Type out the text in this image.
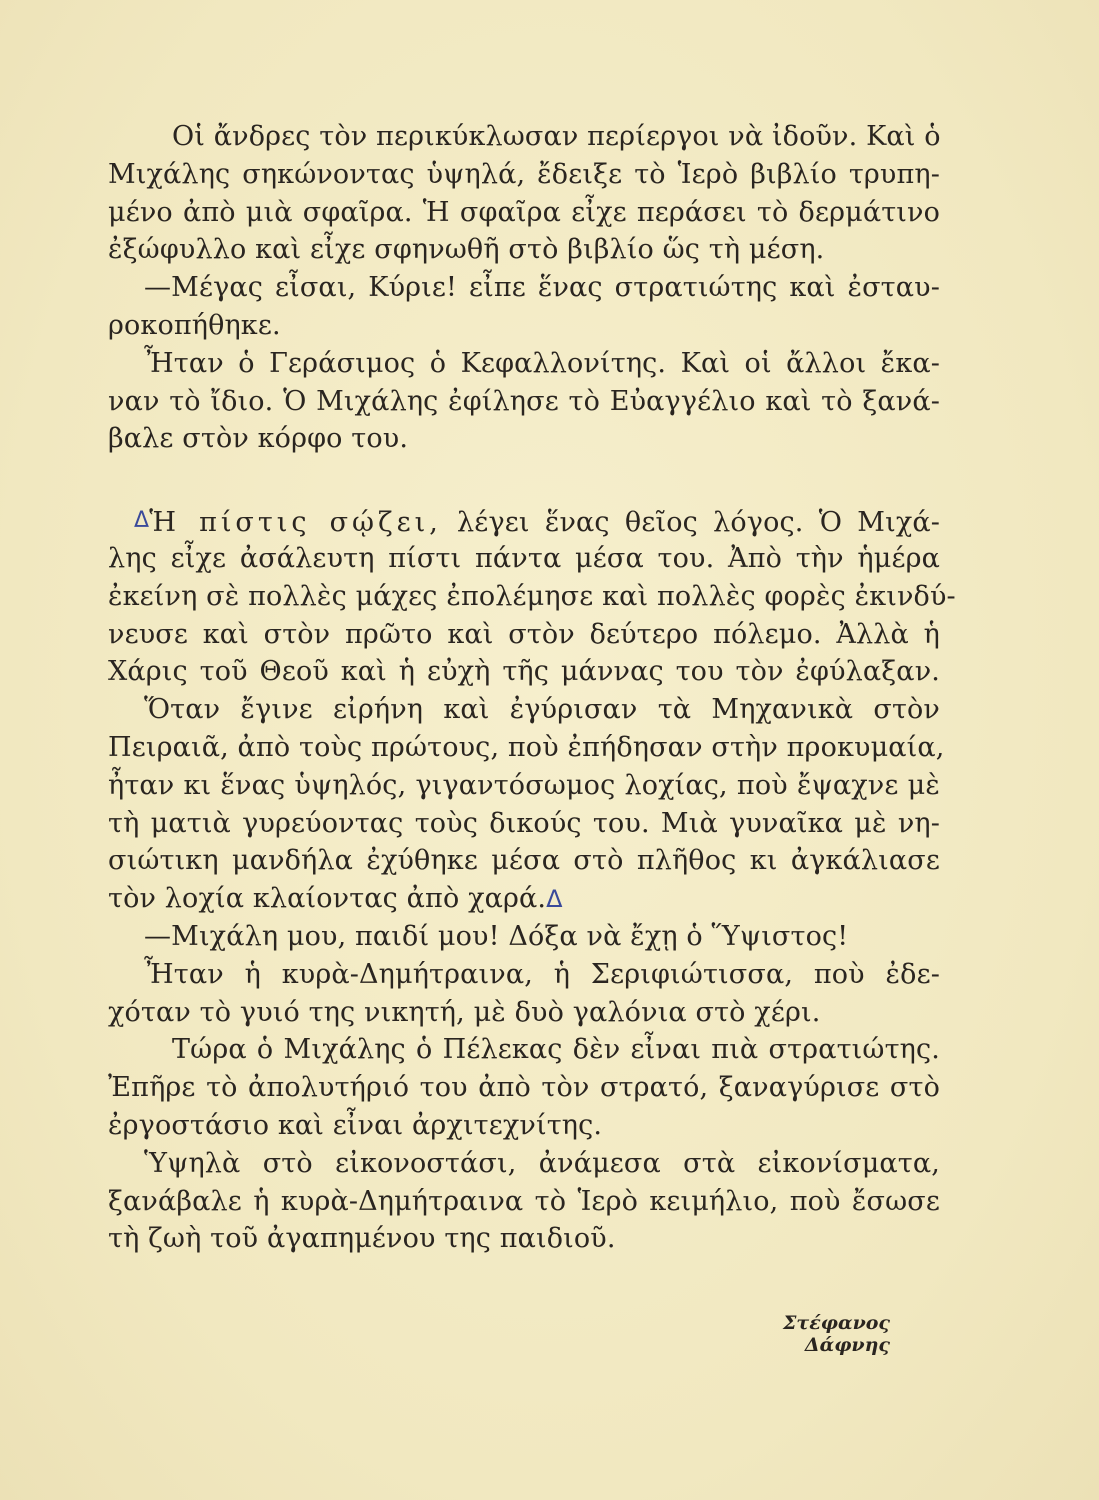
Οἱ ἄνδρες τὸν περικύκλωσαν περίεργοι νὰ ἰδοῦν. Καὶ ὁ
Μιχάλης σηκώνοντας ὑψηλά, ἔδειξε τὸ Ἱερὸ βιβλίο τρυπη-
μένο ἀπὸ μιὰ σφαῖρα. Ἡ σφαῖρα εἶχε περάσει τὸ δερμάτινο
ἐξώφυλλο καὶ εἶχε σφηνωθῆ στὸ βιβλίο ὥς τὴ μέση.
—Μέγας εἶσαι, Κύριε! εἶπε ἕνας στρατιώτης καὶ ἐσταυ-
ροκοπήθηκε.
Ἦταν ὁ Γεράσιμος ὁ Κεφαλλονίτης. Καὶ οἱ ἄλλοι ἔκα-
ναν τὸ ἴδιο. Ὁ Μιχάλης ἐφίλησε τὸ Εὐαγγέλιο καὶ τὸ ξανά-
βαλε στὸν κόρφο του.
ΔἩ πίστις σῴζει, λέγει ἕνας θεῖος λόγος. Ὁ Μιχά-
λης εἶχε ἀσάλευτη πίστι πάντα μέσα του. Ἀπὸ τὴν ἡμέρα
ἐκείνη σὲ πολλὲς μάχες ἐπολέμησε καὶ πολλὲς φορὲς ἐκινδύ-
νευσε καὶ στὸν πρῶτο καὶ στὸν δεύτερο πόλεμο. Ἀλλὰ ἡ
Χάρις τοῦ Θεοῦ καὶ ἡ εὐχὴ τῆς μάννας του τὸν ἐφύλαξαν.
Ὅταν ἔγινε εἰρήνη καὶ ἐγύρισαν τὰ Μηχανικὰ στὸν
Πειραιᾶ, ἀπὸ τοὺς πρώτους, ποὺ ἐπήδησαν στὴν προκυμαία,
ἦταν κι ἕνας ὑψηλός, γιγαντόσωμος λοχίας, ποὺ ἔψαχνε μὲ
τὴ ματιὰ γυρεύοντας τοὺς δικούς του. Μιὰ γυναῖκα μὲ νη-
σιώτικη μανδήλα ἐχύθηκε μέσα στὸ πλῆθος κι ἀγκάλιασε
τὸν λοχία κλαίοντας ἀπὸ χαρά.Δ
—Μιχάλη μου, παιδί μου! Δόξα νὰ ἔχῃ ὁ Ὕψιστος!
Ἦταν ἡ κυρὰ-Δημήτραινα, ἡ Σεριφιώτισσα, ποὺ ἐδε-
χόταν τὸ γυιό της νικητή, μὲ δυὸ γαλόνια στὸ χέρι.
Τώρα ὁ Μιχάλης ὁ Πέλεκας δὲν εἶναι πιὰ στρατιώτης.
Ἐπῆρε τὸ ἀπολυτήριό του ἀπὸ τὸν στρατό, ξαναγύρισε στὸ
ἐργοστάσιο καὶ εἶναι ἀρχιτεχνίτης.
Ὑψηλὰ στὸ εἰκονοστάσι, ἀνάμεσα στὰ εἰκονίσματα,
ξανάβαλε ἡ κυρὰ-Δημήτραινα τὸ Ἱερὸ κειμήλιο, ποὺ ἔσωσε
τὴ ζωὴ τοῦ ἀγαπημένου της παιδιοῦ.
Στέφανος Δάφνης
